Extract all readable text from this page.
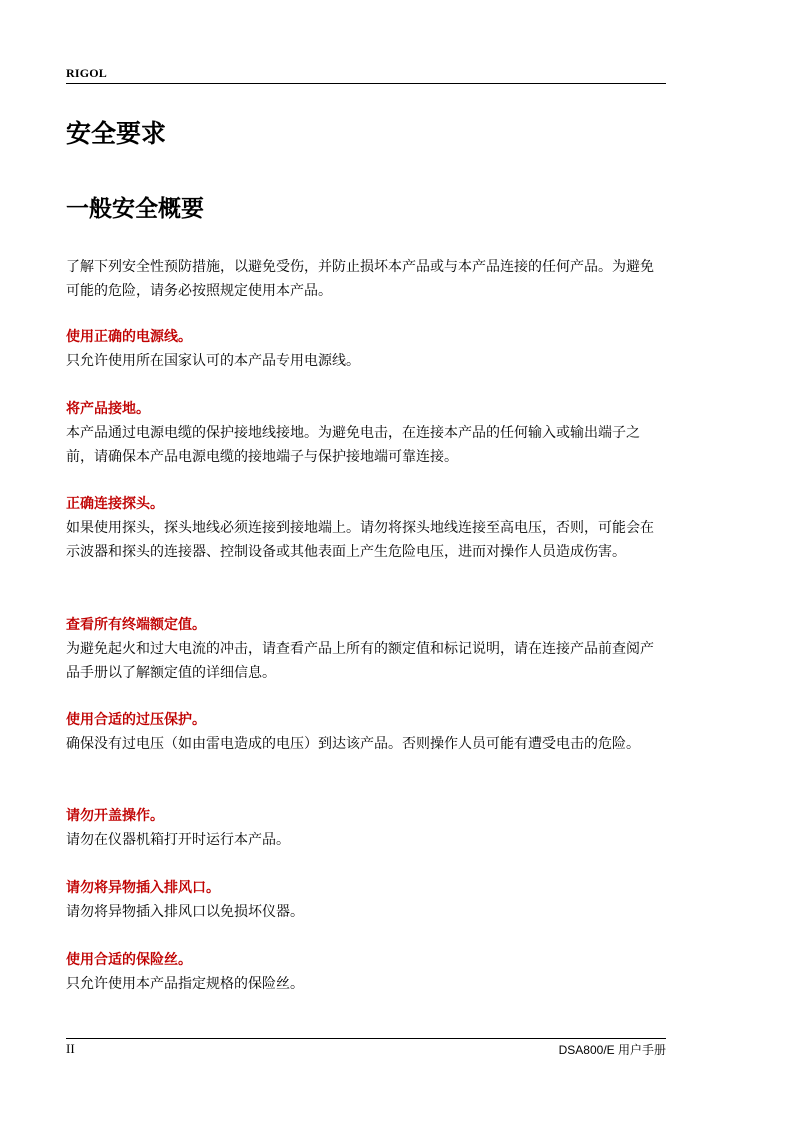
RIGOL
安全要求
一般安全概要

了解下列安全性预防措施，以避免受伤，并防止损坏本产品或与本产品连接的任何产品。为避免可能的危险，请务必按照规定使用本产品。

使用正确的电源线。

只允许使用所在国家认可的本产品专用电源线。

将产品接地。

本产品通过电源电缆的保护接地线接地。为避免电击，在连接本产品的任何输入或输出端子之前，请确保本产品电源电缆的接地端子与保护接地端可靠连接。

正确连接探头。

如果使用探头，探头地线必须连接到接地端上。请勿将探头地线连接至高电压，否则，可能会在示波器和探头的连接器、控制设备或其他表面上产生危险电压，进而对操作人员造成伤害。

查看所有终端额定值。

为避免起火和过大电流的冲击，请查看产品上所有的额定值和标记说明，请在连接产品前查阅产品手册以了解额定值的详细信息。

使用合适的过压保护。

确保没有过电压（如由雷电造成的电压）到达该产品。否则操作人员可能有遭受电击的危险。

请勿开盖操作。

请勿在仪器机箱打开时运行本产品。

请勿将异物插入排风口。

请勿将异物插入排风口以免损坏仪器。

使用合适的保险丝。

只允许使用本产品指定规格的保险丝。

II	DSA800/E 用户手册
